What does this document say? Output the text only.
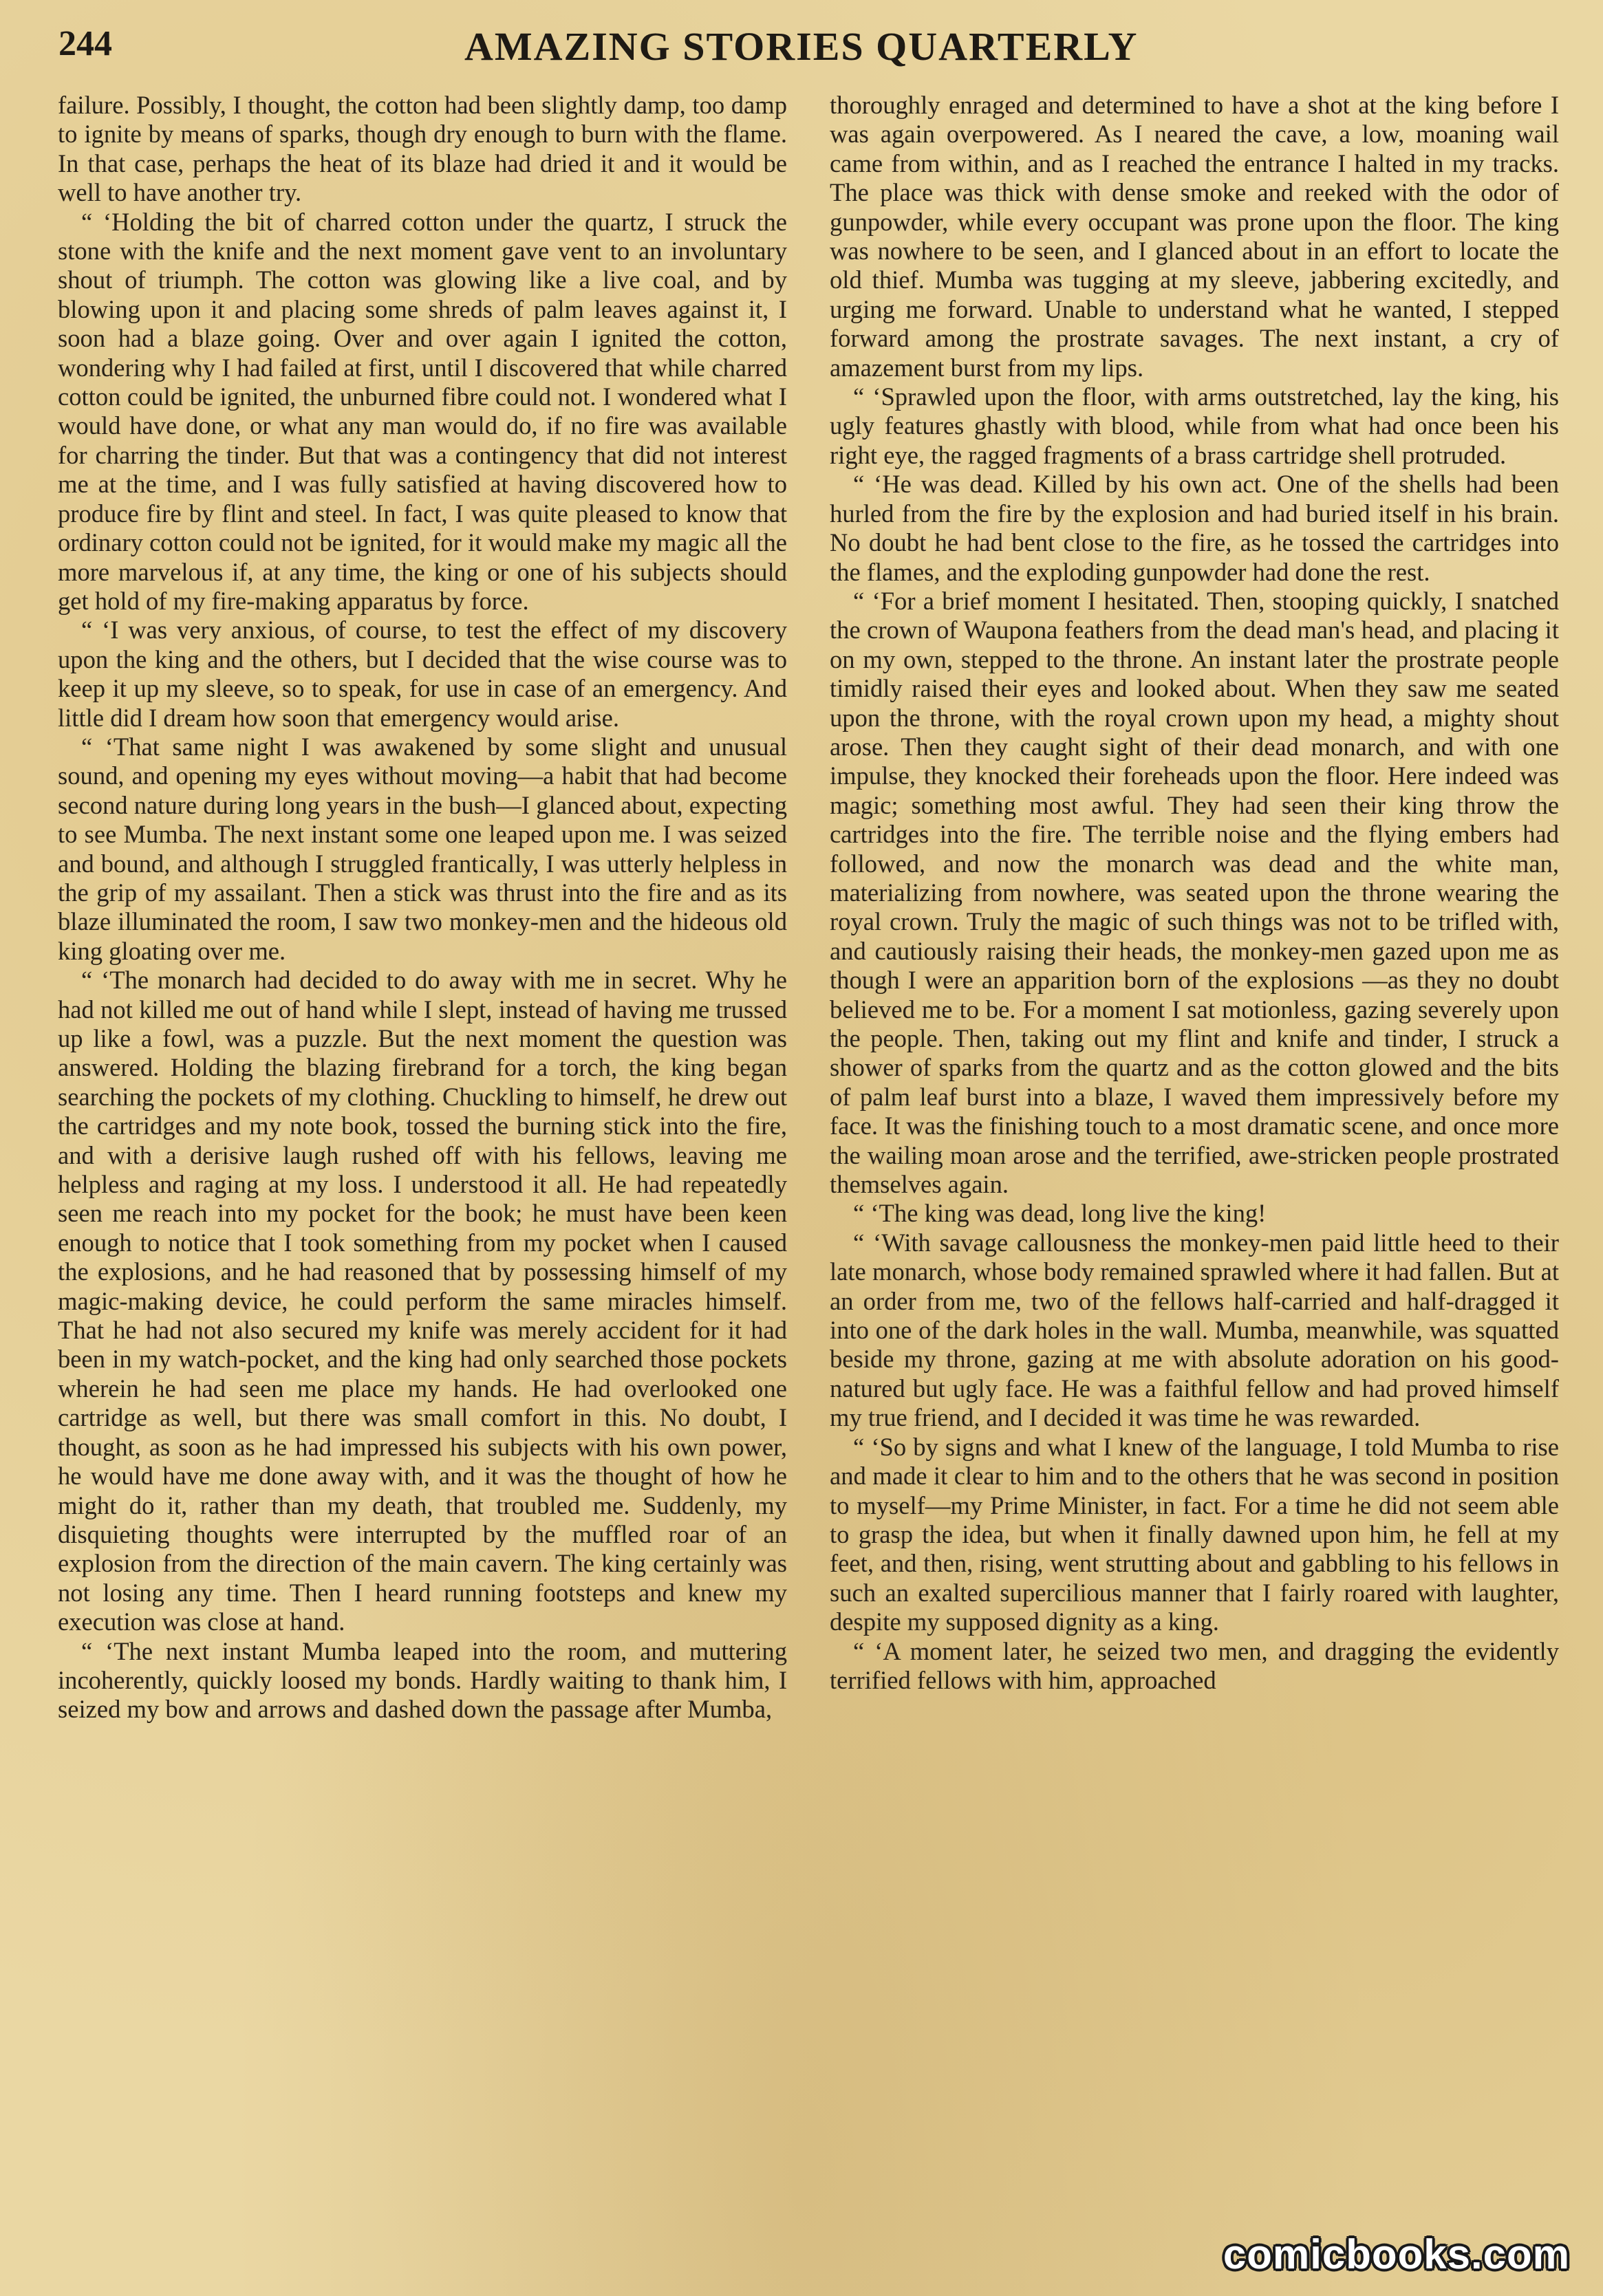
244	AMAZING STORIES QUARTERLY

failure. Possibly, I thought, the cotton had been slightly damp, too damp to ignite by means of sparks, though dry enough to burn with the flame. In that case, perhaps the heat of its blaze had dried it and it would be well to have another try.

“ ‘Holding the bit of charred cotton under the quartz, I struck the stone with the knife and the next moment gave vent to an involuntary shout of triumph. The cotton was glowing like a live coal, and by blowing upon it and placing some shreds of palm leaves against it, I soon had a blaze going. Over and over again I ignited the cotton, wondering why I had failed at first, until I discovered that while charred cotton could be ignited, the unburned fibre could not. I wondered what I would have done, or what any man would do, if no fire was available for charring the tinder. But that was a contingency that did not interest me at the time, and I was fully satisfied at having discovered how to produce fire by flint and steel. In fact, I was quite pleased to know that ordinary cotton could not be ignited, for it would make my magic all the more marvelous if, at any time, the king or one of his subjects should get hold of my fire-making apparatus by force.

“ ‘I was very anxious, of course, to test the effect of my discovery upon the king and the others, but I decided that the wise course was to keep it up my sleeve, so to speak, for use in case of an emergency. And little did I dream how soon that emergency would arise.

“ ‘That same night I was awakened by some slight and unusual sound, and opening my eyes without moving—a habit that had become second nature during long years in the bush—I glanced about, expecting to see Mumba. The next instant some one leaped upon me. I was seized and bound, and although I struggled frantically, I was utterly helpless in the grip of my assailant. Then a stick was thrust into the fire and as its blaze illuminated the room, I saw two monkey-men and the hideous old king gloating over me.

“ ‘The monarch had decided to do away with me in secret. Why he had not killed me out of hand while I slept, instead of having me trussed up like a fowl, was a puzzle. But the next moment the question was answered. Holding the blazing firebrand for a torch, the king began searching the pockets of my clothing. Chuckling to himself, he drew out the cartridges and my note book, tossed the burning stick into the fire, and with a derisive laugh rushed off with his fellows, leaving me helpless and raging at my loss. I understood it all. He had repeatedly seen me reach into my pocket for the book; he must have been keen enough to notice that I took something from my pocket when I caused the explosions, and he had reasoned that by possessing himself of my magic-making device, he could perform the same miracles himself. That he had not also secured my knife was merely accident for it had been in my watch-pocket, and the king had only searched those pockets wherein he had seen me place my hands. He had overlooked one cartridge as well, but there was small comfort in this. No doubt, I thought, as soon as he had impressed his subjects with his own power, he would have me done away with, and it was the thought of how he might do it, rather than my death, that troubled me. Suddenly, my disquieting thoughts were interrupted by the muffled roar of an explosion from the direction of the main cavern. The king certainly was not losing any time. Then I heard running footsteps and knew my execution was close at hand.

“ ‘The next instant Mumba leaped into the room, and muttering incoherently, quickly loosed my bonds. Hardly waiting to thank him, I seized my bow and arrows and dashed down the passage after Mumba,

thoroughly enraged and determined to have a shot at the king before I was again overpowered. As I neared the cave, a low, moaning wail came from within, and as I reached the entrance I halted in my tracks. The place was thick with dense smoke and reeked with the odor of gunpowder, while every occupant was prone upon the floor. The king was nowhere to be seen, and I glanced about in an effort to locate the old thief. Mumba was tugging at my sleeve, jabbering excitedly, and urging me forward. Unable to understand what he wanted, I stepped forward among the prostrate savages. The next instant, a cry of amazement burst from my lips.

“ ‘Sprawled upon the floor, with arms outstretched, lay the king, his ugly features ghastly with blood, while from what had once been his right eye, the ragged fragments of a brass cartridge shell protruded.

“ ‘He was dead. Killed by his own act. One of the shells had been hurled from the fire by the explosion and had buried itself in his brain. No doubt he had bent close to the fire, as he tossed the cartridges into the flames, and the exploding gunpowder had done the rest.

“ ‘For a brief moment I hesitated. Then, stooping quickly, I snatched the crown of Waupona feathers from the dead man's head, and placing it on my own, stepped to the throne. An instant later the prostrate people timidly raised their eyes and looked about. When they saw me seated upon the throne, with the royal crown upon my head, a mighty shout arose. Then they caught sight of their dead monarch, and with one impulse, they knocked their foreheads upon the floor. Here indeed was magic; something most awful. They had seen their king throw the cartridges into the fire. The terrible noise and the flying embers had followed, and now the monarch was dead and the white man, materializing from nowhere, was seated upon the throne wearing the royal crown. Truly the magic of such things was not to be trifled with, and cautiously raising their heads, the monkey-men gazed upon me as though I were an apparition born of the explosions —as they no doubt believed me to be. For a moment I sat motionless, gazing severely upon the people. Then, taking out my flint and knife and tinder, I struck a shower of sparks from the quartz and as the cotton glowed and the bits of palm leaf burst into a blaze, I waved them impressively before my face. It was the finishing touch to a most dramatic scene, and once more the wailing moan arose and the terrified, awe-stricken people prostrated themselves again.

“ ‘The king was dead, long live the king!

“ ‘With savage callousness the monkey-men paid little heed to their late monarch, whose body remained sprawled where it had fallen. But at an order from me, two of the fellows half-carried and half-dragged it into one of the dark holes in the wall. Mumba, meanwhile, was squatted beside my throne, gazing at me with absolute adoration on his good-natured but ugly face. He was a faithful fellow and had proved himself my true friend, and I decided it was time he was rewarded.

“ ‘So by signs and what I knew of the language, I told Mumba to rise and made it clear to him and to the others that he was second in position to myself—my Prime Minister, in fact. For a time he did not seem able to grasp the idea, but when it finally dawned upon him, he fell at my feet, and then, rising, went strutting about and gabbling to his fellows in such an exalted supercilious manner that I fairly roared with laughter, despite my supposed dignity as a king.

“ ‘A moment later, he seized two men, and dragging the evidently terrified fellows with him, approached

comicbooks.com
